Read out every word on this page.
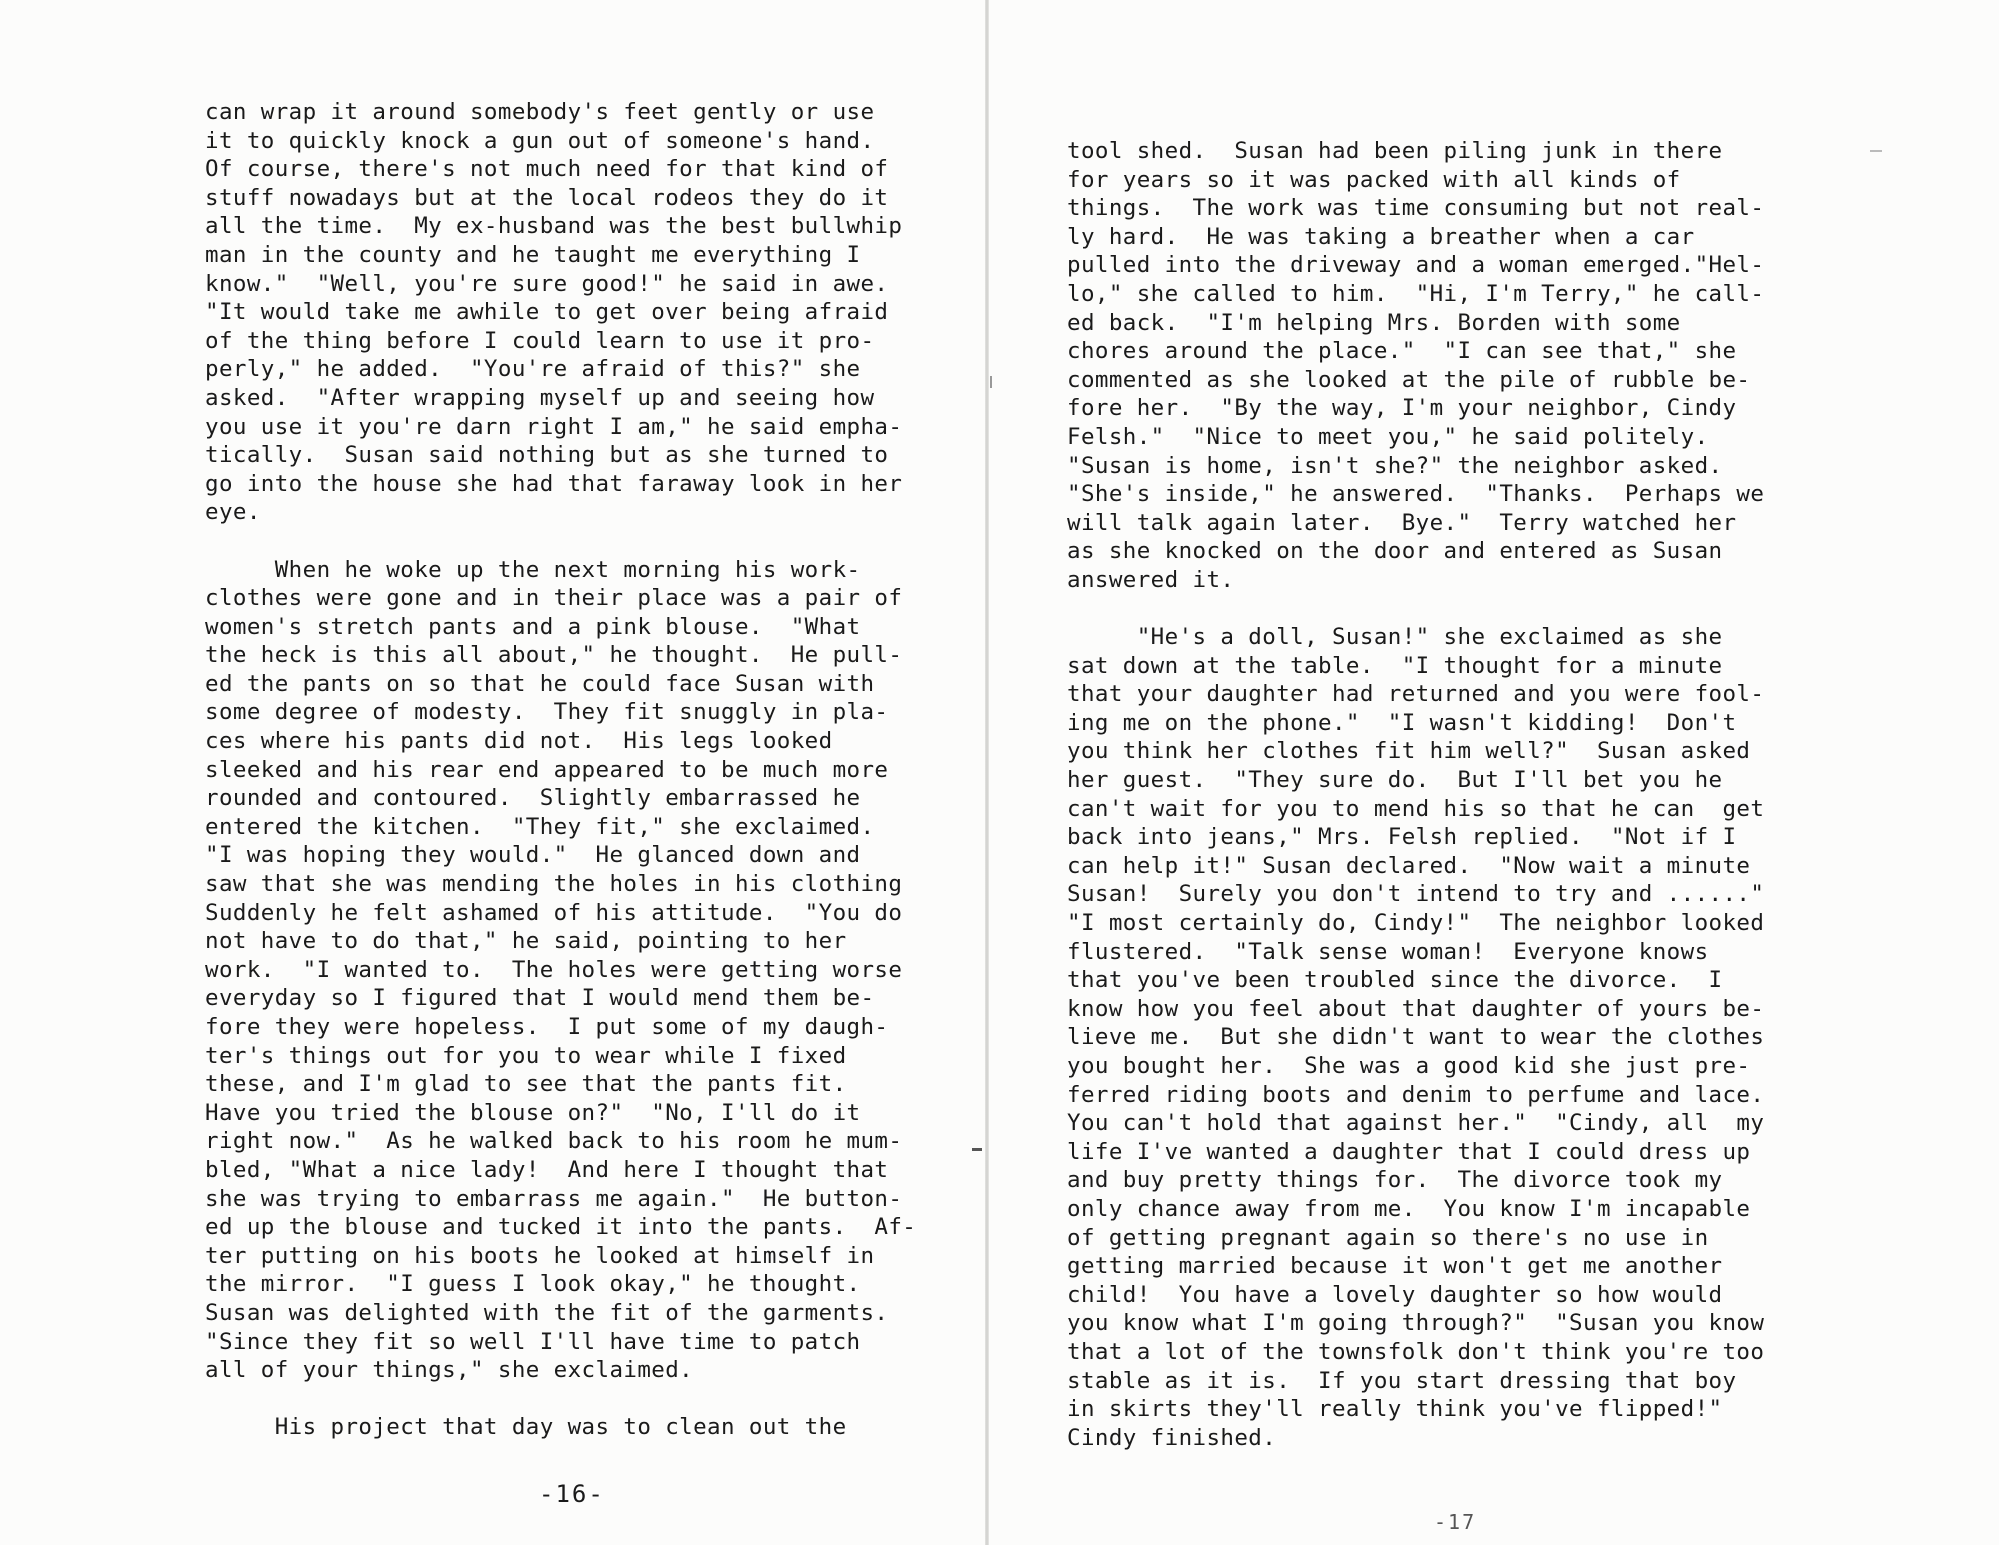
can wrap it around somebody's feet gently or use
it to quickly knock a gun out of someone's hand.
Of course, there's not much need for that kind of
stuff nowadays but at the local rodeos they do it
all the time.  My ex-husband was the best bullwhip
man in the county and he taught me everything I
know."  "Well, you're sure good!" he said in awe.
"It would take me awhile to get over being afraid
of the thing before I could learn to use it pro-
perly," he added.  "You're afraid of this?" she
asked.  "After wrapping myself up and seeing how
you use it you're darn right I am," he said empha-
tically.  Susan said nothing but as she turned to
go into the house she had that faraway look in her
eye.
When he woke up the next morning his work-
clothes were gone and in their place was a pair of
women's stretch pants and a pink blouse.  "What
the heck is this all about," he thought.  He pull-
ed the pants on so that he could face Susan with
some degree of modesty.  They fit snuggly in pla-
ces where his pants did not.  His legs looked
sleeked and his rear end appeared to be much more
rounded and contoured.  Slightly embarrassed he
entered the kitchen.  "They fit," she exclaimed.
"I was hoping they would."  He glanced down and
saw that she was mending the holes in his clothing
Suddenly he felt ashamed of his attitude.  "You do
not have to do that," he said, pointing to her
work.  "I wanted to.  The holes were getting worse
everyday so I figured that I would mend them be-
fore they were hopeless.  I put some of my daugh-
ter's things out for you to wear while I fixed
these, and I'm glad to see that the pants fit.
Have you tried the blouse on?"  "No, I'll do it
right now."  As he walked back to his room he mum-
bled, "What a nice lady!  And here I thought that
she was trying to embarrass me again."  He button-
ed up the blouse and tucked it into the pants.  Af-
ter putting on his boots he looked at himself in
the mirror.  "I guess I look okay," he thought.
Susan was delighted with the fit of the garments.
"Since they fit so well I'll have time to patch
all of your things," she exclaimed.
His project that day was to clean out the
-16-
tool shed.  Susan had been piling junk in there
for years so it was packed with all kinds of
things.  The work was time consuming but not real-
ly hard.  He was taking a breather when a car
pulled into the driveway and a woman emerged."Hel-
lo," she called to him.  "Hi, I'm Terry," he call-
ed back.  "I'm helping Mrs. Borden with some
chores around the place."  "I can see that," she
commented as she looked at the pile of rubble be-
fore her.  "By the way, I'm your neighbor, Cindy
Felsh."  "Nice to meet you," he said politely.
"Susan is home, isn't she?" the neighbor asked.
"She's inside," he answered.  "Thanks.  Perhaps we
will talk again later.  Bye."  Terry watched her
as she knocked on the door and entered as Susan
answered it.
"He's a doll, Susan!" she exclaimed as she
sat down at the table.  "I thought for a minute
that your daughter had returned and you were fool-
ing me on the phone."  "I wasn't kidding!  Don't
you think her clothes fit him well?"  Susan asked
her guest.  "They sure do.  But I'll bet you he
can't wait for you to mend his so that he can  get
back into jeans," Mrs. Felsh replied.  "Not if I
can help it!" Susan declared.  "Now wait a minute
Susan!  Surely you don't intend to try and ......"
"I most certainly do, Cindy!"  The neighbor looked
flustered.  "Talk sense woman!  Everyone knows
that you've been troubled since the divorce.  I
know how you feel about that daughter of yours be-
lieve me.  But she didn't want to wear the clothes
you bought her.  She was a good kid she just pre-
ferred riding boots and denim to perfume and lace.
You can't hold that against her."  "Cindy, all  my
life I've wanted a daughter that I could dress up
and buy pretty things for.  The divorce took my
only chance away from me.  You know I'm incapable
of getting pregnant again so there's no use in
getting married because it won't get me another
child!  You have a lovely daughter so how would
you know what I'm going through?"  "Susan you know
that a lot of the townsfolk don't think you're too
stable as it is.  If you start dressing that boy
in skirts they'll really think you've flipped!"
Cindy finished.
-17
